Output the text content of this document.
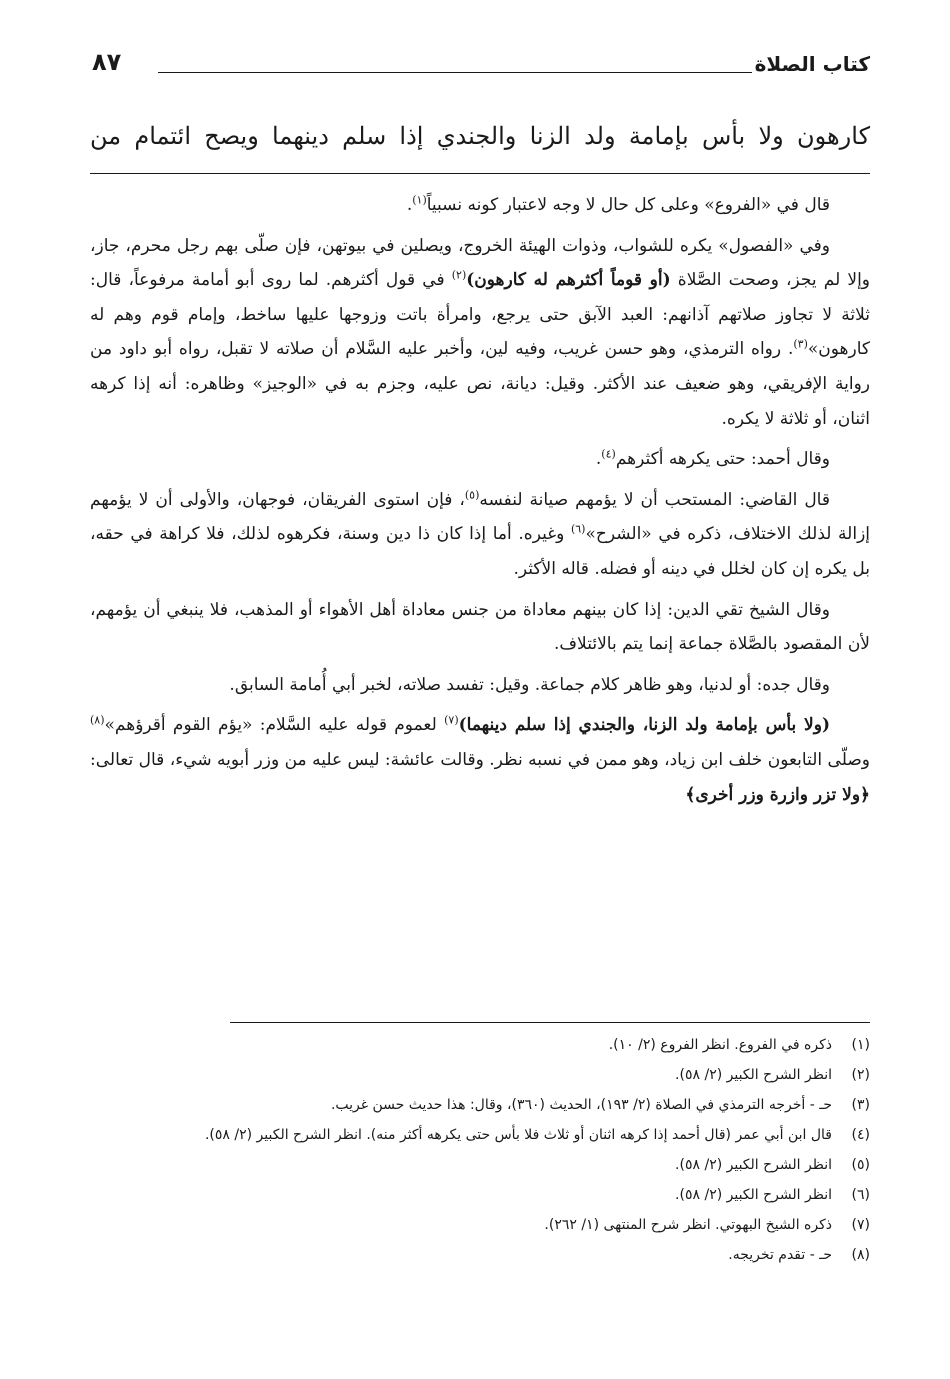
كتاب الصلاة
٨٧
كارهون ولا بأس بإمامة ولد الزنا والجندي إذا سلم دينهما ويصح ائتمام من

قال في «الفروع» وعلى كل حال لا وجه لاعتبار كونه نسبياً$^{(١)}$.

وفي «الفصول» يكره للشواب، وذوات الهيئة الخروج، ويصلين في بيوتهن، فإن صلّى بهم رجل محرم، جاز، وإلا لم يجز، وصحت الصَّلاة (أو قوماً أكثرهم له كارهون)$^{(٢)}$ في قول أكثرهم. لما روى أبو أمامة مرفوعاً، قال: ثلاثة لا تجاوز صلاتهم آذانهم: العبد الآبق حتى يرجع، وامرأة باتت وزوجها عليها ساخط، وإمام قوم وهم له كارهون»$^{(٣)}$. رواه الترمذي، وهو حسن غريب، وفيه لين، وأخبر عليه السَّلام أن صلاته لا تقبل، رواه أبو داود من رواية الإفريقي، وهو ضعيف عند الأكثر. وقيل: ديانة، نص عليه، وجزم به في «الوجيز» وظاهره: أنه إذا كرهه اثنان، أو ثلاثة لا يكره.

وقال أحمد: حتى يكرهه أكثرهم$^{(٤)}$.

قال القاضي: المستحب أن لا يؤمهم صيانة لنفسه$^{(٥)}$، فإن استوى الفريقان، فوجهان، والأولى أن لا يؤمهم إزالة لذلك الاختلاف، ذكره في «الشرح»$^{(٦)}$ وغيره. أما إذا كان ذا دين وسنة، فكرهوه لذلك، فلا كراهة في حقه، بل يكره إن كان لخلل في دينه أو فضله. قاله الأكثر.

وقال الشيخ تقي الدين: إذا كان بينهم معاداة من جنس معاداة أهل الأهواء أو المذهب، فلا ينبغي أن يؤمهم، لأن المقصود بالصَّلاة جماعة إنما يتم بالائتلاف.

وقال جده: أو لدنيا، وهو ظاهر كلام جماعة. وقيل: تفسد صلاته، لخبر أبي أُمامة السابق.

(ولا بأس بإمامة ولد الزنا، والجندي إذا سلم دينهما)$^{(٧)}$ لعموم قوله عليه السَّلام: «يؤم القوم أقرؤهم»$^{(٨)}$ وصلّى التابعون خلف ابن زياد، وهو ممن في نسبه نظر. وقالت عائشة: ليس عليه من وزر أبويه شيء، قال تعالى: ﴿ولا تزر وازرة وزر أخرى﴾

(١)
ذكره في الفروع. انظر الفروع (٢/ ١٠).
(٢)
انظر الشرح الكبير (٢/ ٥٨).
(٣)
حـ - أخرجه الترمذي في الصلاة (٢/ ١٩٣)، الحديث (٣٦٠)، وقال: هذا حديث حسن غريب.
(٤)
قال ابن أبي عمر (قال أحمد إذا كرهه اثنان أو ثلاث فلا بأس حتى يكرهه أكثر منه). انظر الشرح الكبير (٢/ ٥٨).
(٥)
انظر الشرح الكبير (٢/ ٥٨).
(٦)
انظر الشرح الكبير (٢/ ٥٨).
(٧)
ذكره الشيخ البهوتي. انظر شرح المنتهى (١/ ٢٦٢).
(٨)
حـ - تقدم تخريجه.
